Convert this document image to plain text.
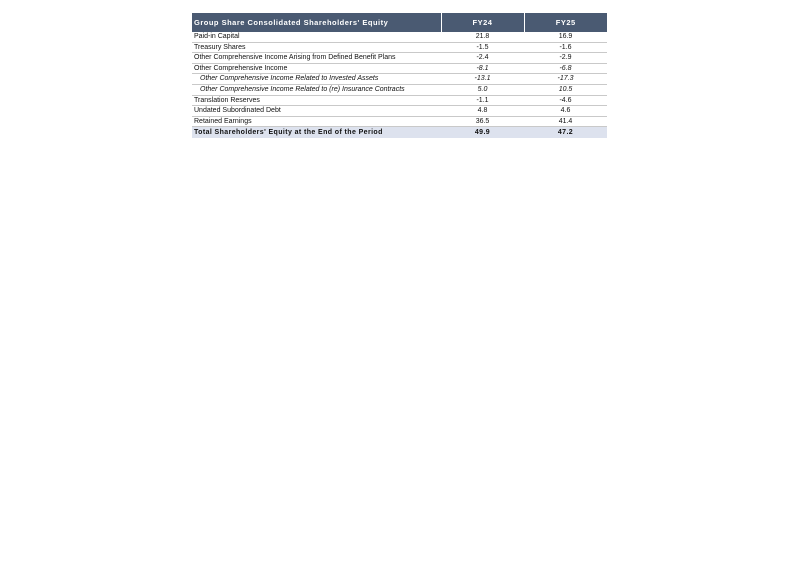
Group Share Consolidated Shareholders' Equity	FY24	FY25
Paid-in Capital	21.8	16.9
Treasury Shares	-1.5	-1.6
Other Comprehensive Income Arising from Defined Benefit Plans	-2.4	-2.9
Other Comprehensive Income	-8.1	-6.8
Other Comprehensive Income Related to Invested Assets	-13.1	-17.3
Other Comprehensive Income Related to (re) Insurance Contracts	5.0	10.5
Translation Reserves	-1.1	-4.6
Undated Subordinated Debt	4.8	4.6
Retained Earnings	36.5	41.4
Total Shareholders' Equity at the End of the Period	49.9	47.2
